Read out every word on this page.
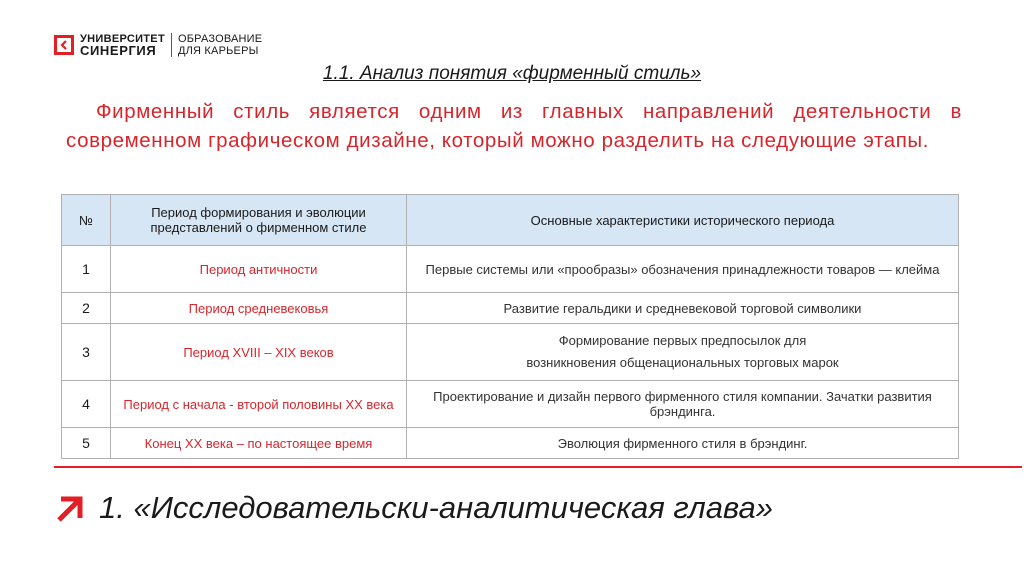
УНИВЕРСИТЕТ
СИНЕРГИЯ
ОБРАЗОВАНИЕ
ДЛЯ КАРЬЕРЫ
1.1. Анализ понятия «фирменный стиль»
Фирменный стиль является одним из главных направлений деятельности в современном графическом дизайне, который можно разделить на следующие этапы.
№	Период формирования и эволюции представлений о фирменном стиле	Основные характеристики исторического периода
1	Период античности	Первые системы или «прообразы» обозначения принадлежности товаров — клейма
2	Период средневековья	Развитие геральдики и средневековой торговой символики
3	Период XVIII – XIX веков	Формирование первых предпосылок для
возникновения общенациональных торговых марок

4	Период с начала - второй половины XX века	Проектирование и дизайн первого фирменного стиля компании. Зачатки развития брэндинга.
5	Конец XX века – по настоящее время	Эволюция фирменного стиля в брэндинг.
1. «Исследовательски-аналитическая глава»
